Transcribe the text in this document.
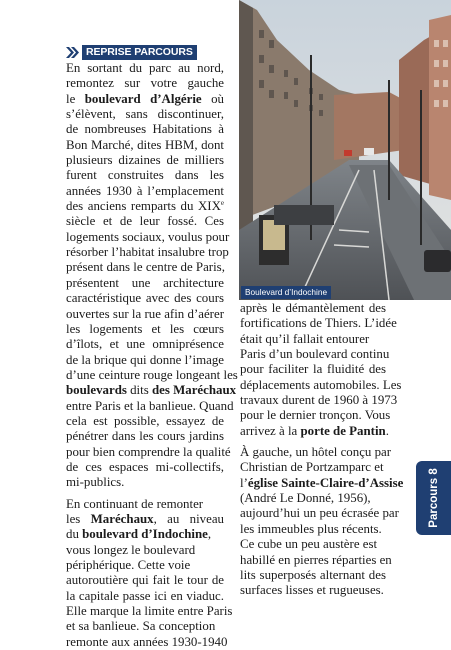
REPRISE PARCOURS
En sortant du parc au nord,
remontez sur votre gauche
le boulevard d’Algérie où
s’élèvent, sans discontinuer,
de nombreuses Habitations à
Bon Marché, dites HBM, dont
plusieurs dizaines de milliers
furent construites dans les
années 1930 à l’emplacement
des anciens remparts du XIXe
siècle et de leur fossé. Ces
logements sociaux, voulus pour
résorber l’habitat insalubre trop
présent dans le centre de Paris,
présentent une architecture
caractéristique avec des cours
ouvertes sur la rue afin d’aérer
les logements et les cœurs
d’îlots, et une omniprésence
de la brique qui donne l’image
d’une ceinture rouge longeant les
boulevards dits des Maréchaux
entre Paris et la banlieue. Quand
cela est possible, essayez de
pénétrer dans les cours jardins
pour bien comprendre la qualité
de ces espaces mi-collectifs,
mi-publics.
En continuant de remonter
les Maréchaux, au niveau
du boulevard d’Indochine,
vous longez le boulevard
périphérique. Cette voie
autoroutière qui fait le tour de
la capitale passe ici en viaduc.
Elle marque la limite entre Paris
et sa banlieue. Sa conception
remonte aux années 1930-1940
Boulevard d’Indochine
après le démantèlement des
fortifications de Thiers. L’idée
était qu’il fallait entourer
Paris d’un boulevard continu
pour faciliter la fluidité des
déplacements automobiles. Les
travaux durent de 1960 à 1973
pour le dernier tronçon. Vous
arrivez à la porte de Pantin.
À gauche, un hôtel conçu par
Christian de Portzamparc et
l’église Sainte-Claire-d’Assise
(André Le Donné, 1956),
aujourd’hui un peu écrasée par
les immeubles plus récents.
Ce cube un peu austère est
habillé en pierres réparties en
lits superposés alternant des
surfaces lisses et rugueuses.
Parcours 8
